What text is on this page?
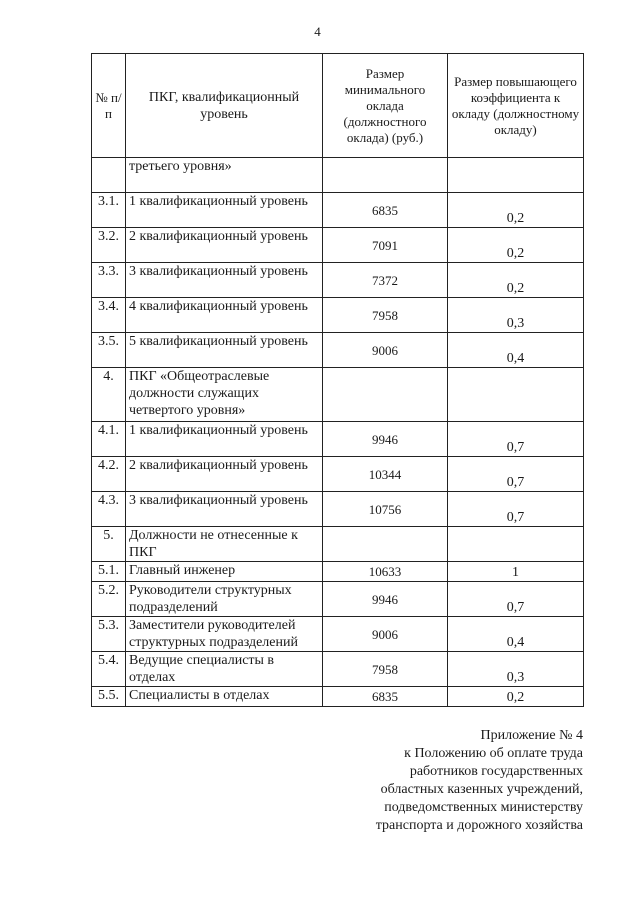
4
№ п/п	ПКГ, квалификационный уровень	Размер минимального оклада (должностного оклада) (руб.)	Размер повышающего коэффициента к окладу (должностному окладу)
	третьего уровня»		
3.1.	1 квалификационный уровень	6835	0,2
3.2.	2 квалификационный уровень	7091	0,2
3.3.	3 квалификационный уровень	7372	0,2
3.4.	4 квалификационный уровень	7958	0,3
3.5.	5 квалификационный уровень	9006	0,4
4.	ПКГ «Общеотраслевые должности служащих четвертого уровня»		
4.1.	1 квалификационный уровень	9946	0,7
4.2.	2 квалификационный уровень	10344	0,7
4.3.	3 квалификационный уровень	10756	0,7
5.	Должности не отнесенные к ПКГ		
5.1.	Главный инженер	10633	1
5.2.	Руководители структурных подразделений	9946	0,7
5.3.	Заместители руководителей структурных подразделений	9006	0,4
5.4.	Ведущие специалисты в отделах	7958	0,3
5.5.	Специалисты в отделах	6835	0,2
Приложение № 4
к Положению об оплате труда
работников государственных
областных казенных учреждений,
подведомственных министерству
транспорта и дорожного хозяйства
